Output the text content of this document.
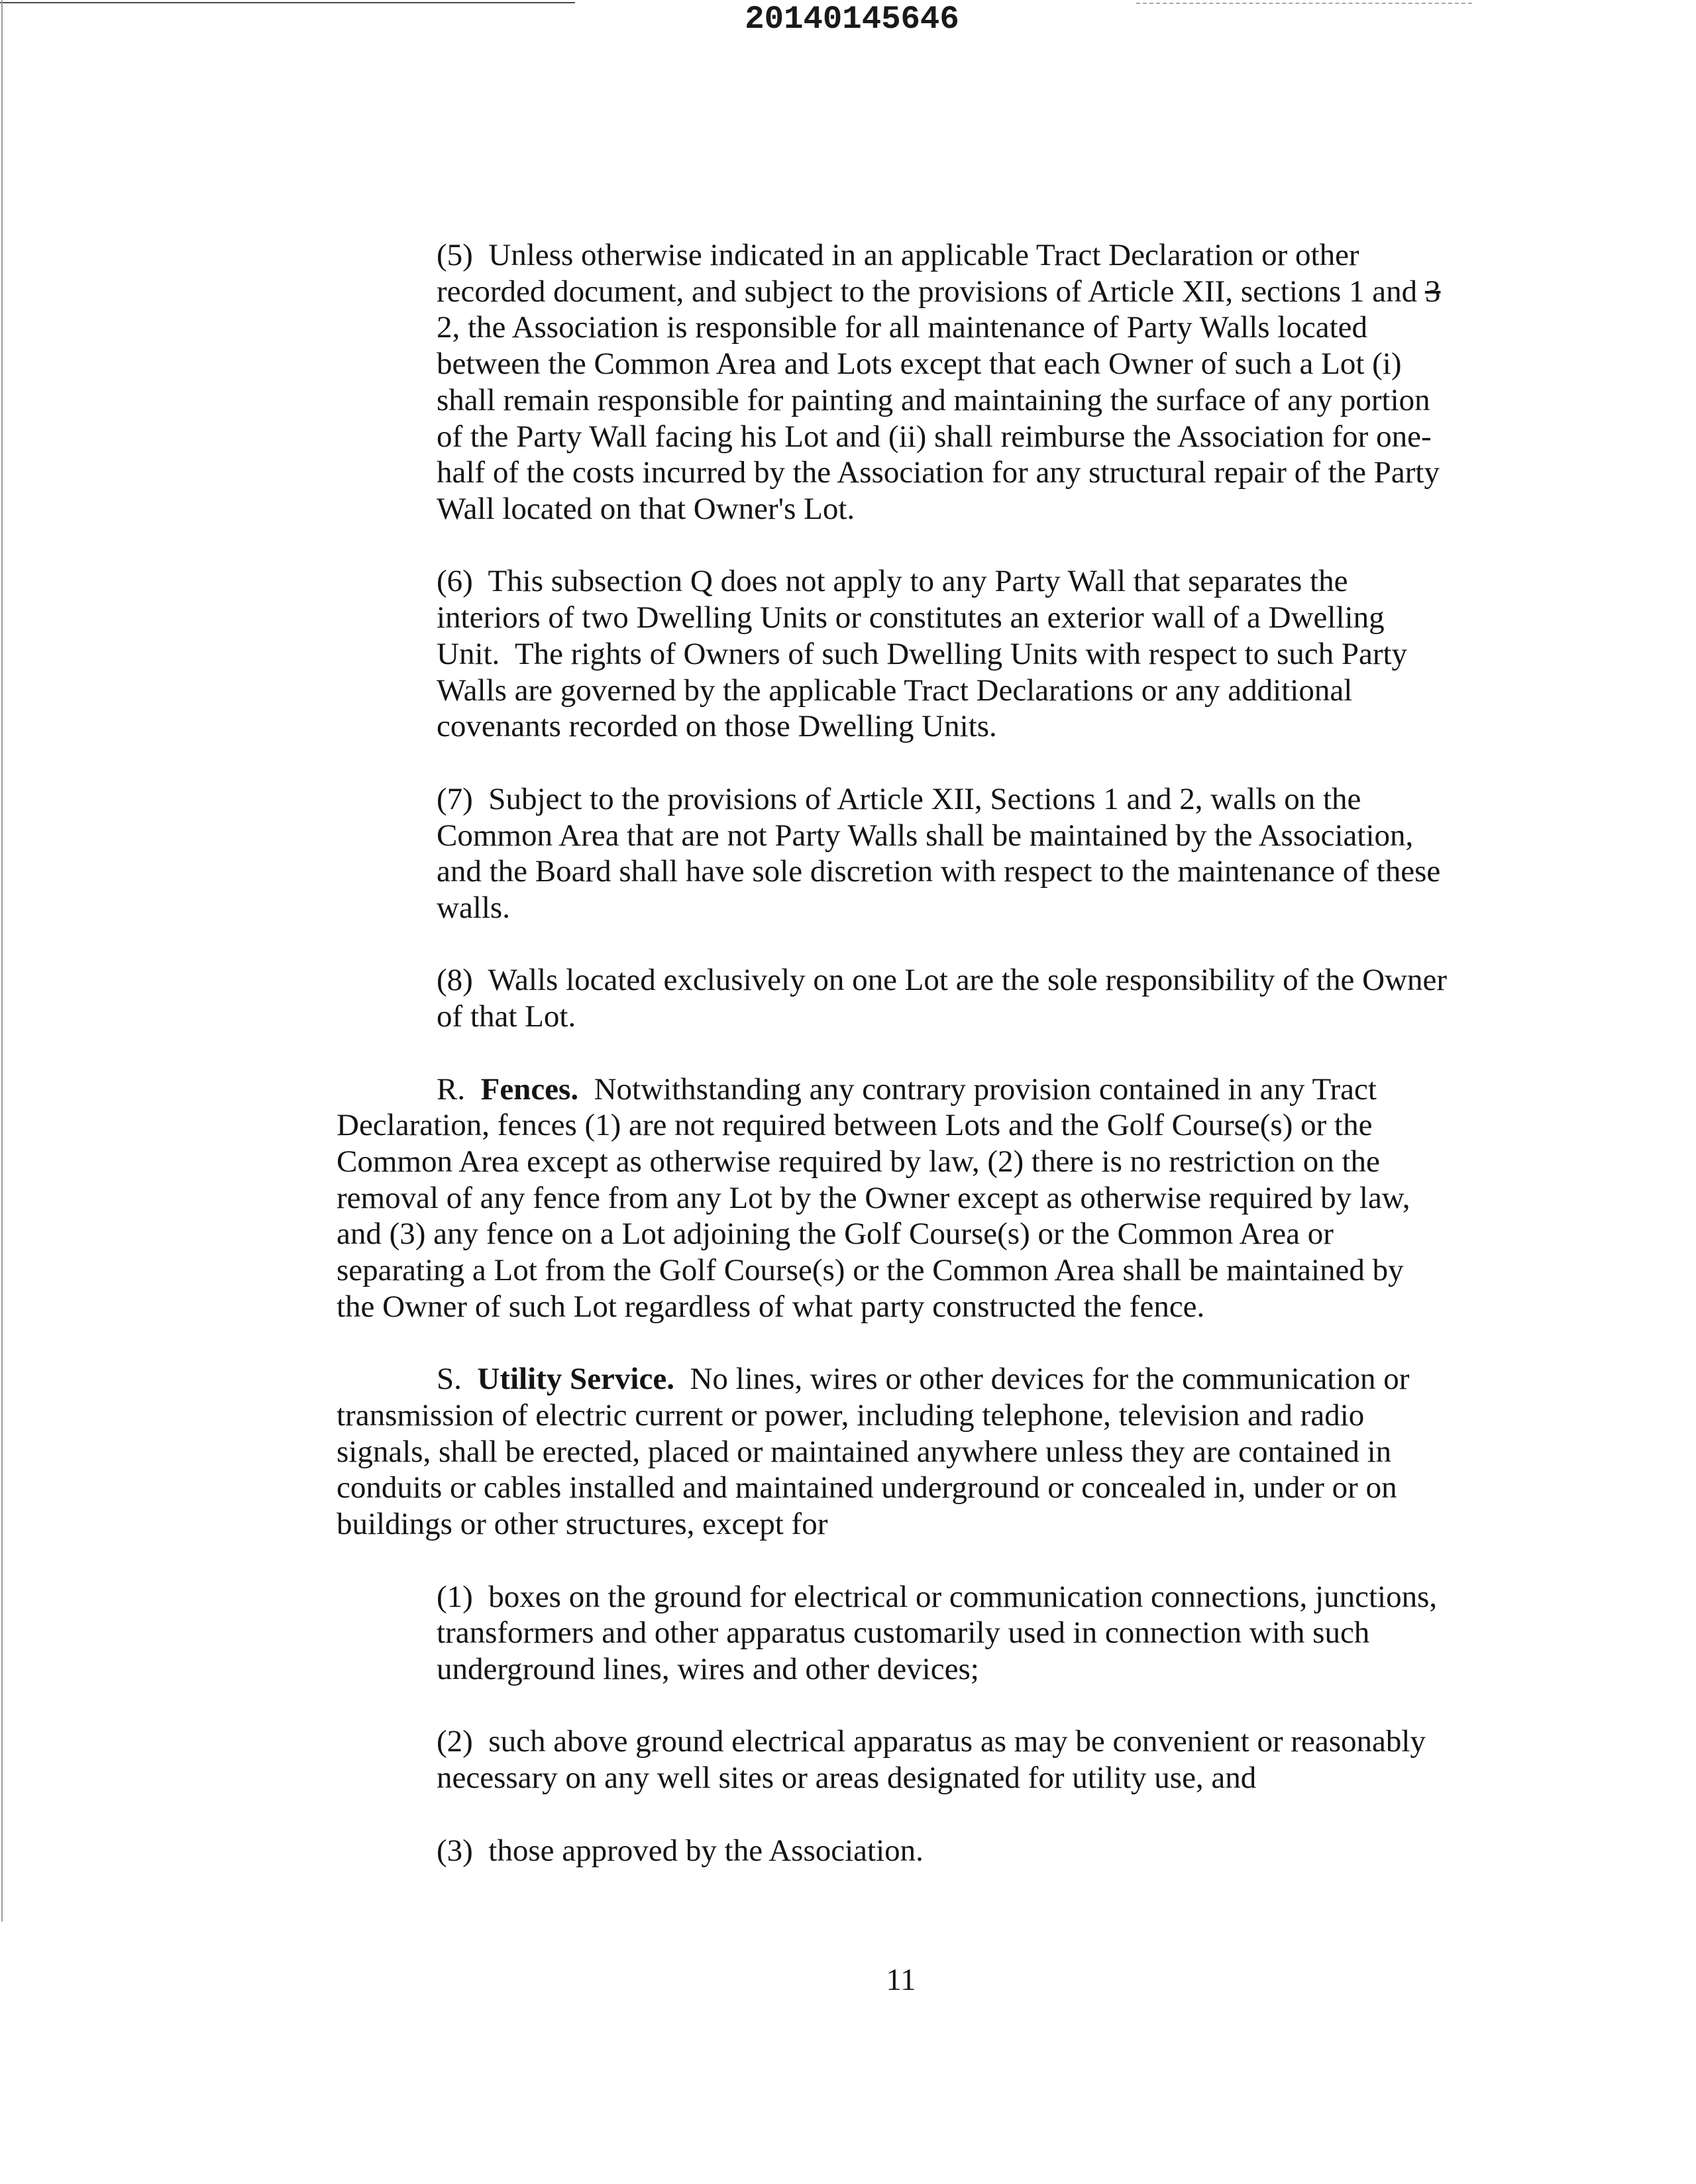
20140145646
(5)  Unless otherwise indicated in an applicable Tract Declaration or other
recorded document, and subject to the provisions of Article XII, sections 1 and 3
2, the Association is responsible for all maintenance of Party Walls located
between the Common Area and Lots except that each Owner of such a Lot (i)
shall remain responsible for painting and maintaining the surface of any portion
of the Party Wall facing his Lot and (ii) shall reimburse the Association for one-
half of the costs incurred by the Association for any structural repair of the Party
Wall located on that Owner's Lot.
(6)  This subsection Q does not apply to any Party Wall that separates the
interiors of two Dwelling Units or constitutes an exterior wall of a Dwelling
Unit.  The rights of Owners of such Dwelling Units with respect to such Party
Walls are governed by the applicable Tract Declarations or any additional
covenants recorded on those Dwelling Units.
(7)  Subject to the provisions of Article XII, Sections 1 and 2, walls on the
Common Area that are not Party Walls shall be maintained by the Association,
and the Board shall have sole discretion with respect to the maintenance of these
walls.
(8)  Walls located exclusively on one Lot are the sole responsibility of the Owner
of that Lot.
R. Fences. Notwithstanding any contrary provision contained in any Tract
Declaration, fences (1) are not required between Lots and the Golf Course(s) or the
Common Area except as otherwise required by law, (2) there is no restriction on the
removal of any fence from any Lot by the Owner except as otherwise required by law,
and (3) any fence on a Lot adjoining the Golf Course(s) or the Common Area or
separating a Lot from the Golf Course(s) or the Common Area shall be maintained by
the Owner of such Lot regardless of what party constructed the fence.
S. Utility Service. No lines, wires or other devices for the communication or
transmission of electric current or power, including telephone, television and radio
signals, shall be erected, placed or maintained anywhere unless they are contained in
conduits or cables installed and maintained underground or concealed in, under or on
buildings or other structures, except for
(1)  boxes on the ground for electrical or communication connections, junctions,
transformers and other apparatus customarily used in connection with such
underground lines, wires and other devices;
(2)  such above ground electrical apparatus as may be convenient or reasonably
necessary on any well sites or areas designated for utility use, and
(3)  those approved by the Association.
11
